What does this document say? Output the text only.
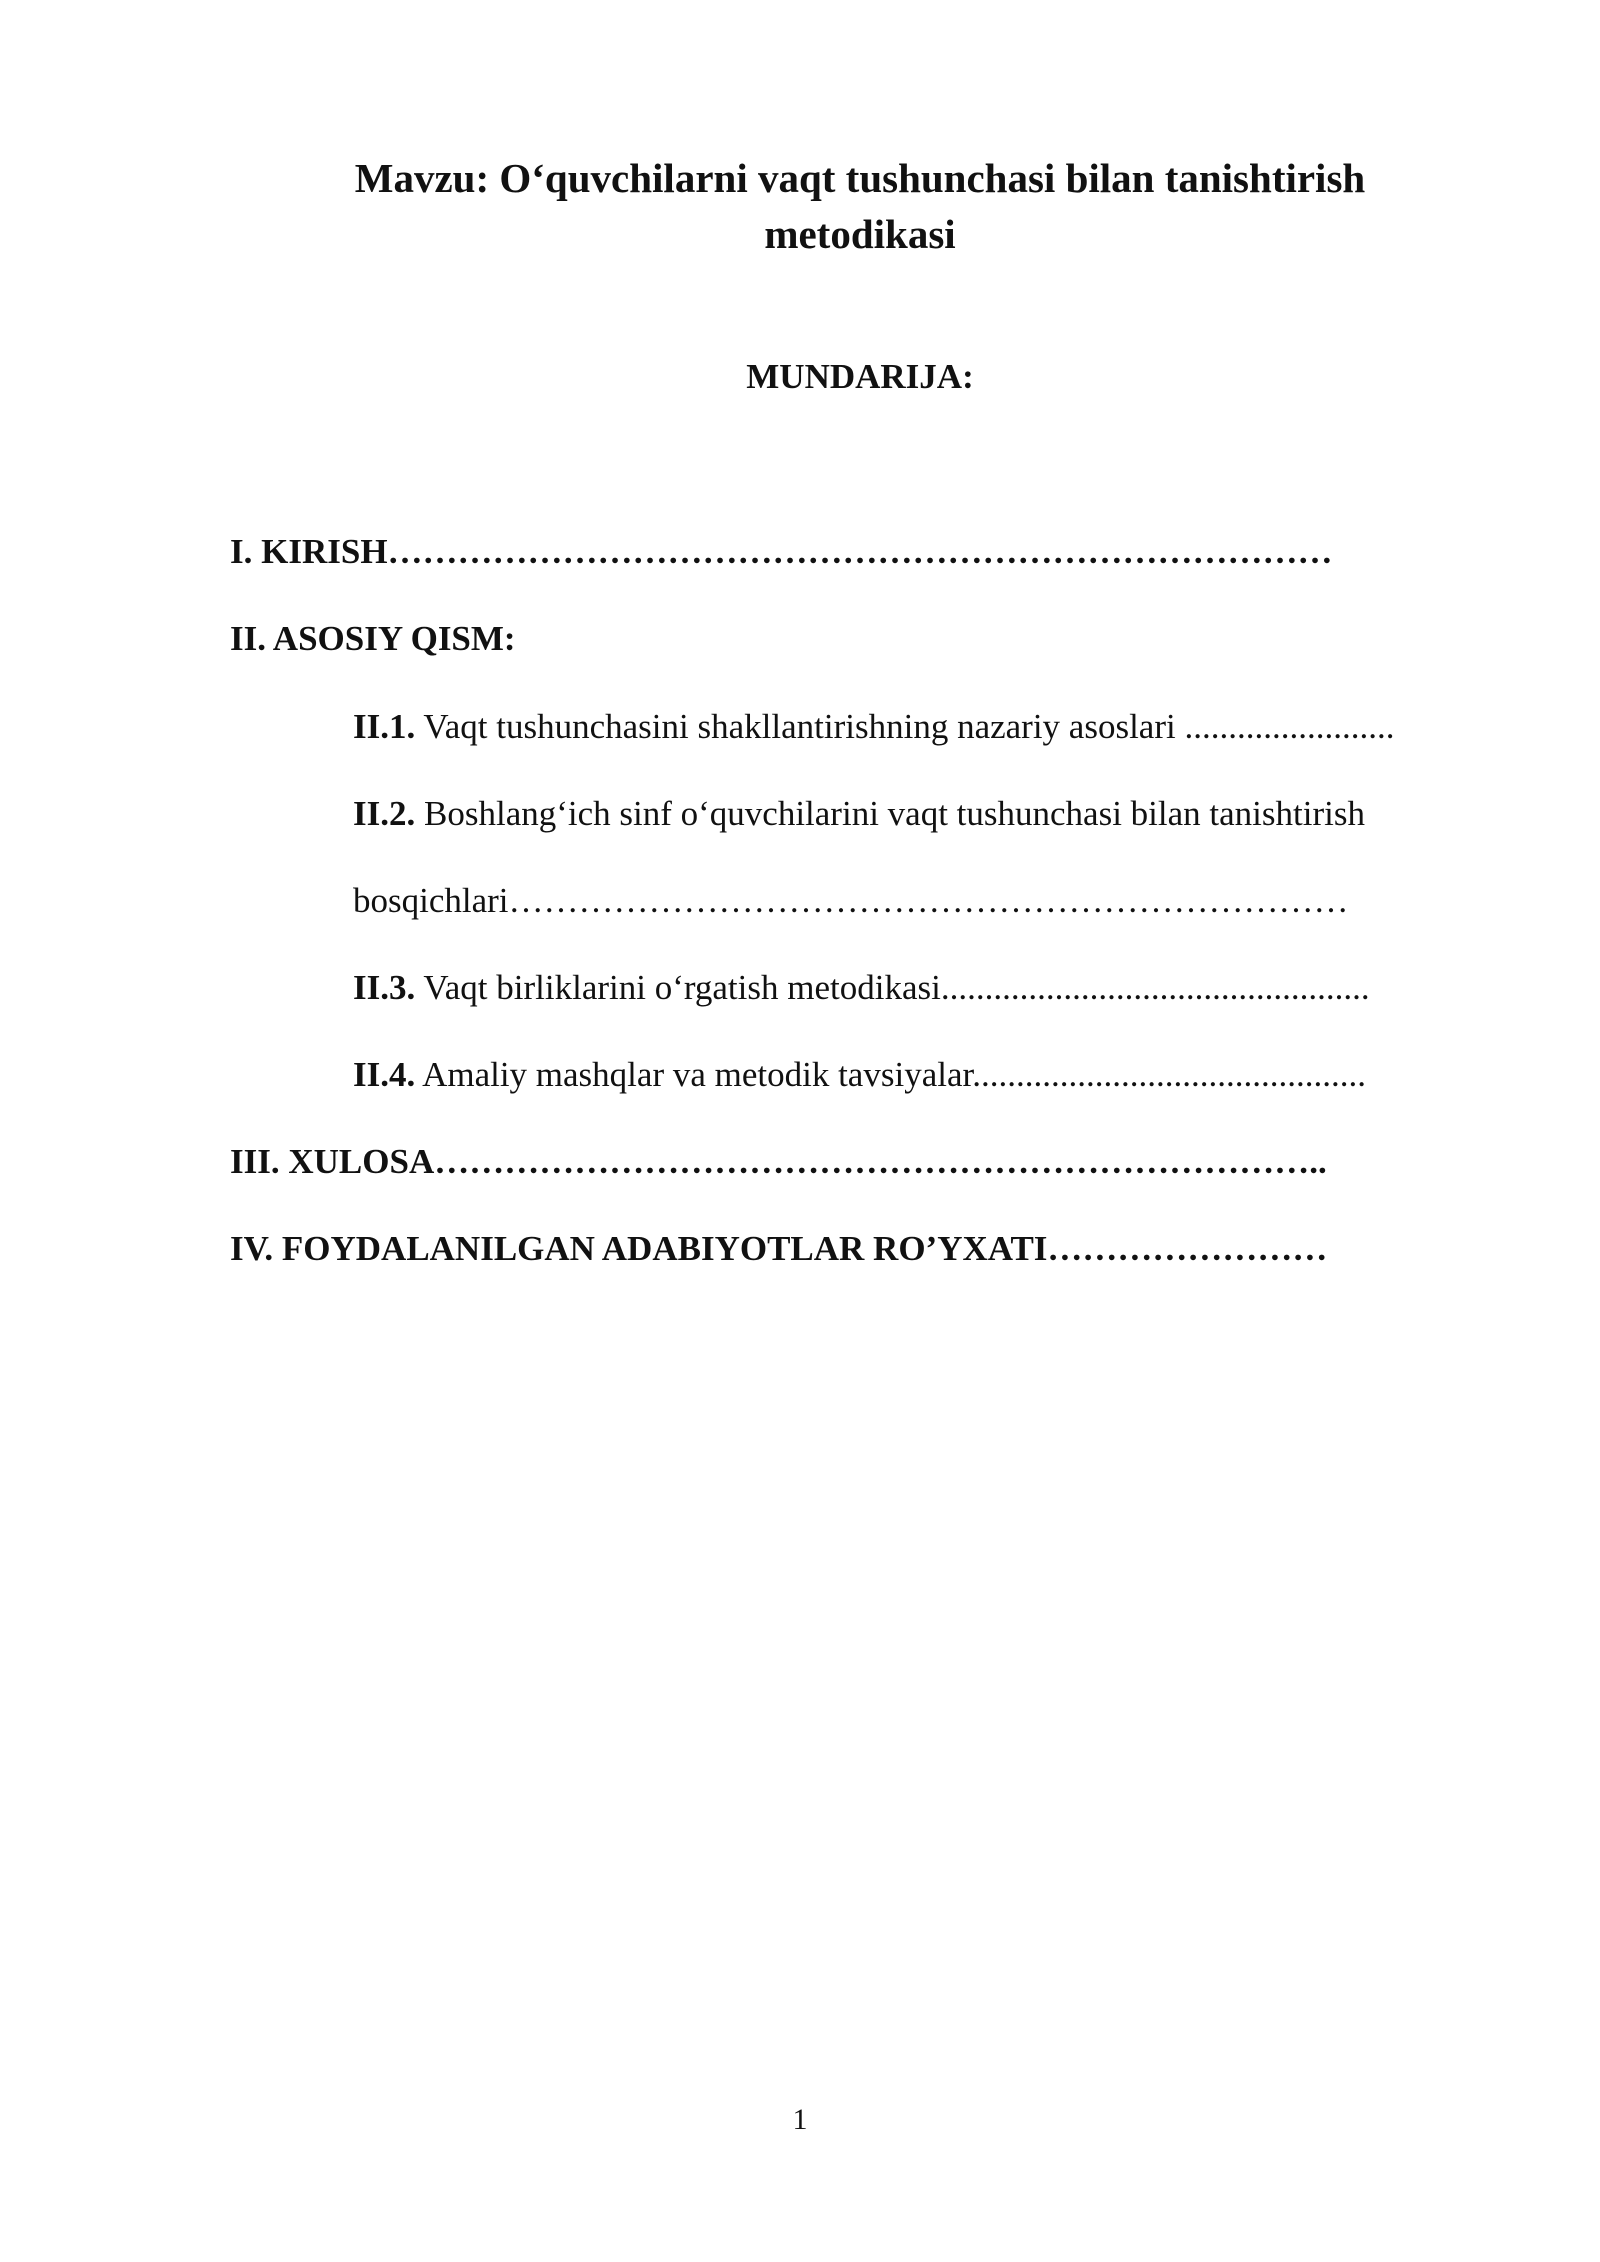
Mavzu: O‘quvchilarni vaqt tushunchasi bilan tanishtirish metodikasi
MUNDARIJA:

I. KIRISH………………………………………………………………………

II. ASOSIY QISM:

II.1. Vaqt tushunchasini shakllantirishning nazariy asoslari ........................

II.2. Boshlang‘ich sinf o‘quvchilarini vaqt tushunchasi bilan tanishtirish

bosqichlari………………………………………………………………

II.3. Vaqt birliklarini o‘rgatish metodikasi.................................................

II.4. Amaliy mashqlar va metodik tavsiyalar.............................................

III. XULOSA…………………………………………………………………..

IV. FOYDALANILGAN ADABIYOTLAR RO’YXATI……………………

1
